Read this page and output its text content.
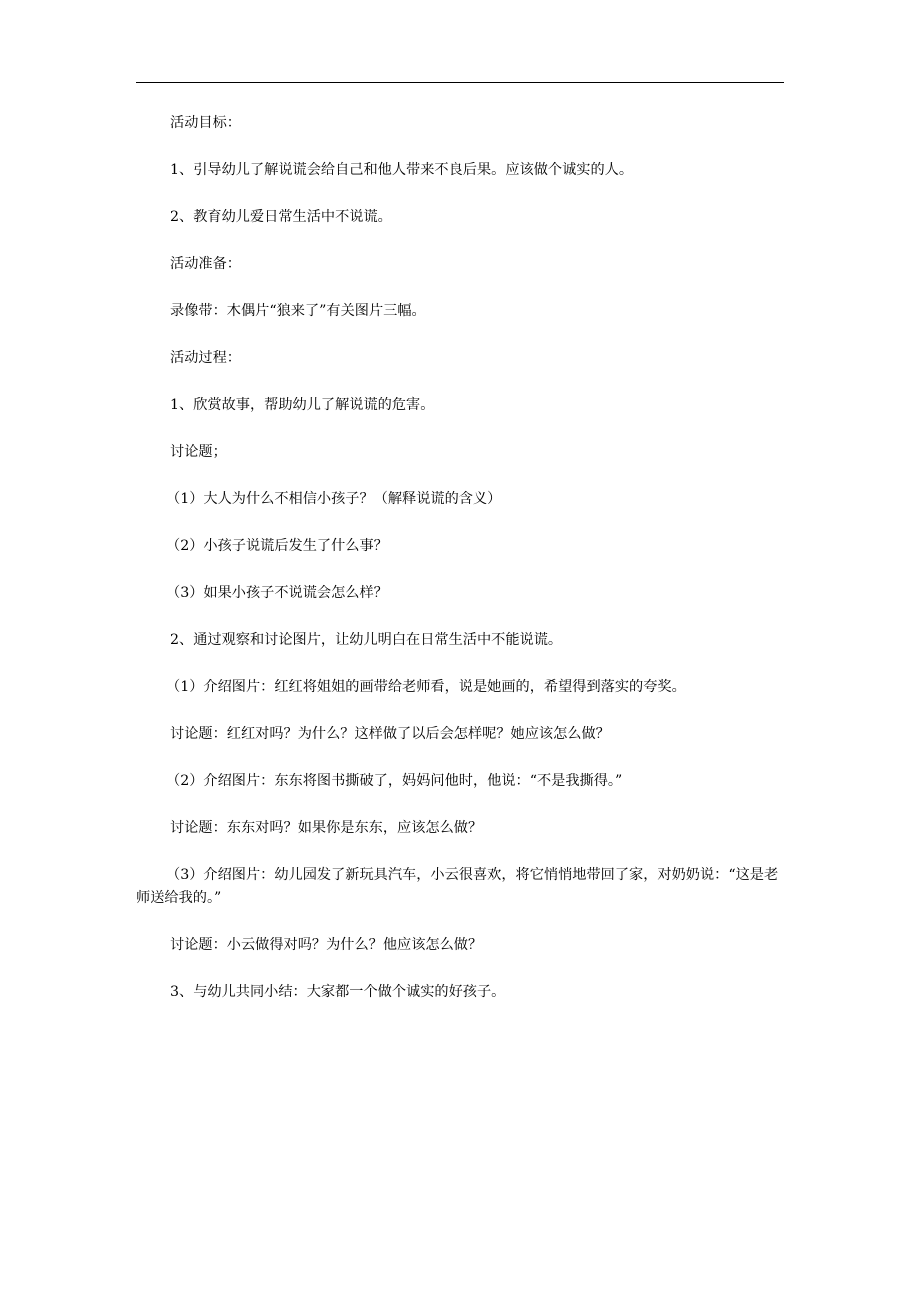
活动目标：

1、引导幼儿了解说谎会给自己和他人带来不良后果。应该做个诚实的人。

2、教育幼儿爱日常生活中不说谎。

活动准备：

录像带：木偶片“狼来了”有关图片三幅。

活动过程：

1、欣赏故事，帮助幼儿了解说谎的危害。

讨论题；

（1）大人为什么不相信小孩子？（解释说谎的含义）

（2）小孩子说谎后发生了什么事？

（3）如果小孩子不说谎会怎么样？

2、通过观察和讨论图片，让幼儿明白在日常生活中不能说谎。

（1）介绍图片：红红将姐姐的画带给老师看，说是她画的，希望得到落实的夸奖。

讨论题：红红对吗？为什么？这样做了以后会怎样呢？她应该怎么做？

（2）介绍图片：东东将图书撕破了，妈妈问他时，他说：“不是我撕得。”

讨论题：东东对吗？如果你是东东，应该怎么做？

（3）介绍图片：幼儿园发了新玩具汽车，小云很喜欢，将它悄悄地带回了家，对奶奶说：“这是老师送给我的。”

讨论题：小云做得对吗？为什么？他应该怎么做？

3、与幼儿共同小结：大家都一个做个诚实的好孩子。
